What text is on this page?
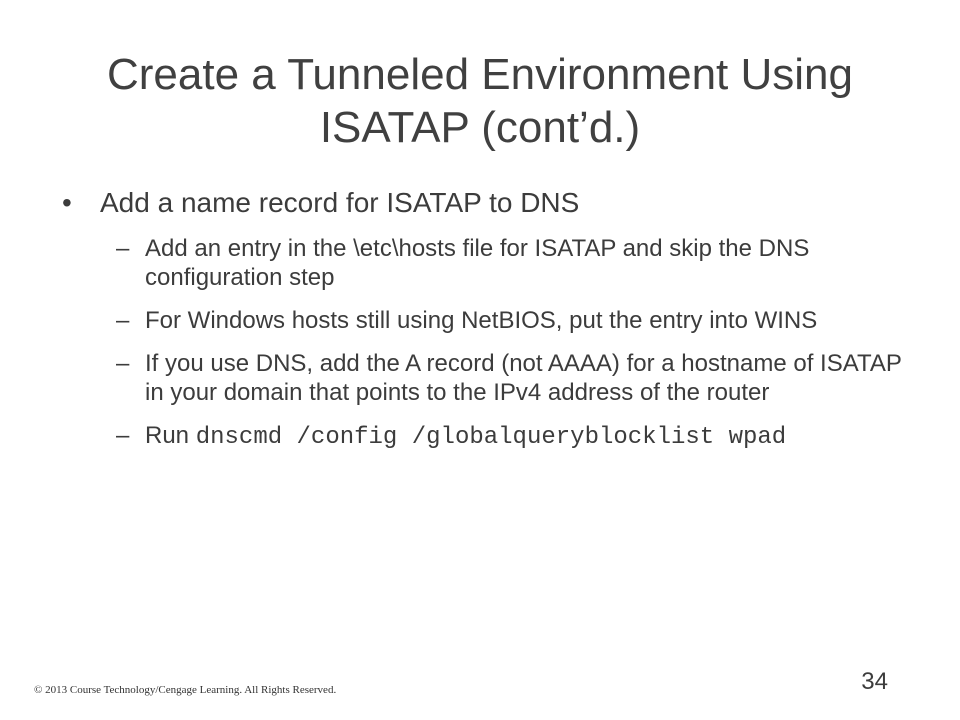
Create a Tunneled Environment Using
ISATAP (cont’d.)
•	Add a name record for ISATAP to DNS
– Add an entry in the \etc\hosts file for ISATAP and skip the DNS configuration step
– For Windows hosts still using NetBIOS, put the entry into WINS
– If you use DNS, add the A record (not AAAA) for a hostname of ISATAP in your domain that points to the IPv4 address of the router
– Run dnscmd /config /globalqueryblocklist wpad
© 2013 Course Technology/Cengage Learning. All Rights Reserved.	34
